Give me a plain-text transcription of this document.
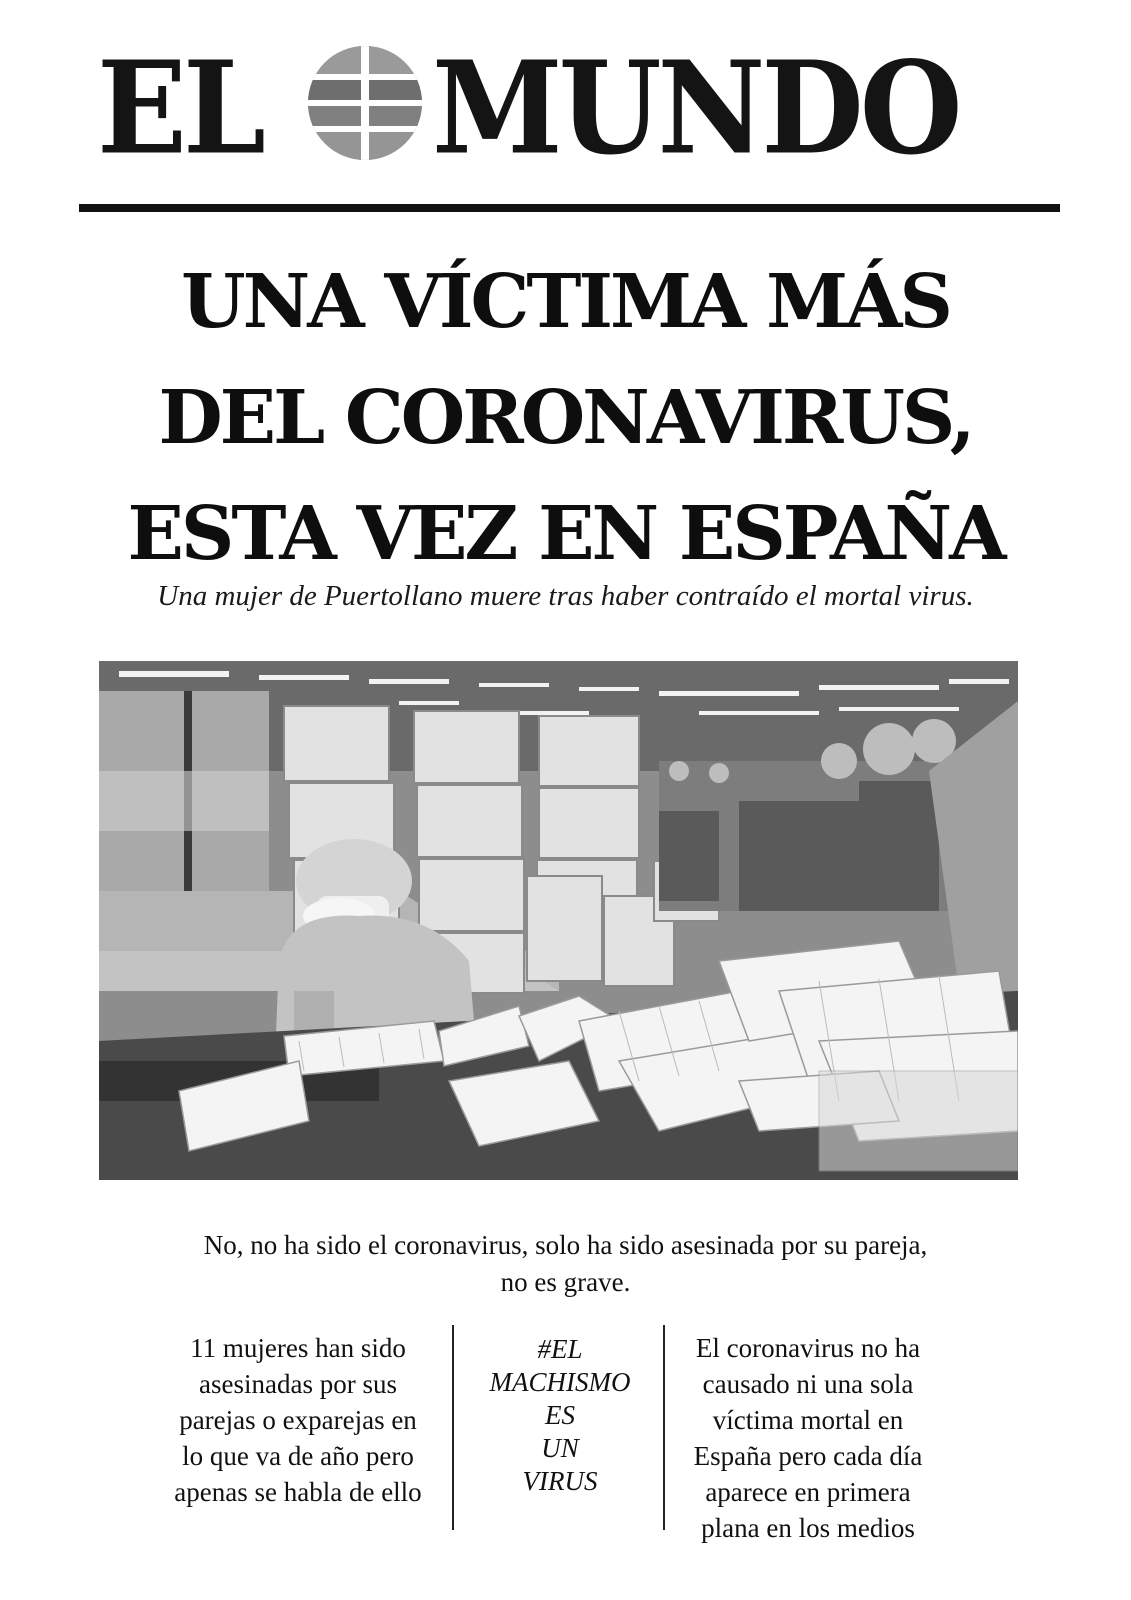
EL MUNDO
UNA VÍCTIMA MÁS
DEL CORONAVIRUS,
ESTA VEZ EN ESPAÑA
Una mujer de Puertollano muere tras haber contraído el mortal virus.
No, no ha sido el coronavirus, solo ha sido asesinada por su pareja,
no es grave.
11 mujeres han sido asesinadas por sus parejas o exparejas en lo que va de año pero apenas se habla de ello
#EL
MACHISMO
ES
UN
VIRUS
El coronavirus no ha causado ni una sola víctima mortal en España pero cada día aparece en primera plana en los medios
